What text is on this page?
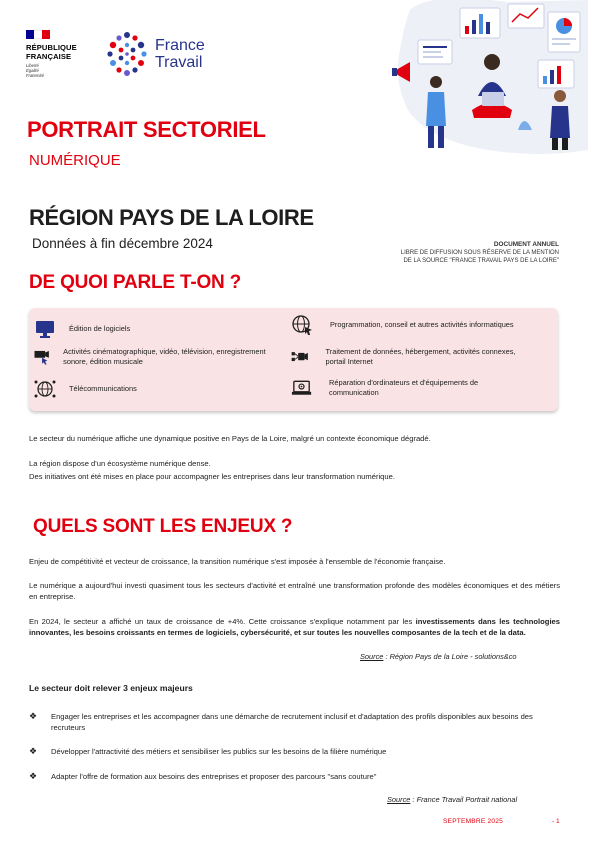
RÉPUBLIQUE
FRANÇAISE
Liberté
Égalité
Fraternité
France
Travail
PORTRAIT SECTORIEL
NUMÉRIQUE
RÉGION PAYS DE LA LOIRE
Données à fin décembre 2024	DOCUMENT ANNUEL
LIBRE DE DIFFUSION SOUS RÉSERVE DE LA MENTION
DE LA SOURCE "FRANCE TRAVAIL PAYS DE LA LOIRE"
DE QUOI PARLE T-ON ?
Édition de logiciels	Programmation, conseil et autres activités informatiques
Activités cinématographique, vidéo, télévision, enregistrement sonore, édition musicale
Traitement de données, hébergement, activités connexes, portail Internet
Télécommunications
Réparation d'ordinateurs et d'équipements de communication
Le secteur du numérique affiche une dynamique positive en Pays de la Loire, malgré un contexte économique dégradé.
La région dispose d'un écosystème numérique dense.
Des initiatives ont été mises en place pour accompagner les entreprises dans leur transformation numérique.
QUELS SONT LES ENJEUX ?
Enjeu de compétitivité et vecteur de croissance, la transition numérique s'est imposée à l'ensemble de l'économie française.
Le numérique a aujourd'hui investi quasiment tous les secteurs d'activité et entraîné une transformation profonde des modèles économiques et des métiers en entreprise.
En 2024, le secteur a affiché un taux de croissance de +4%. Cette croissance s'explique notamment par les investissements dans les technologies innovantes, les besoins croissants en termes de logiciels, cybersécurité, et sur toutes les nouvelles composantes de la tech et de la data.
Source : Région Pays de la Loire - solutions&co
Le secteur doit relever 3 enjeux majeurs
❖	Engager les entreprises et les accompagner dans une démarche de recrutement inclusif et d'adaptation des profils disponibles aux besoins des recruteurs
❖	Développer l'attractivité des métiers et sensibiliser les publics sur les besoins de la filière numérique
❖	Adapter l'offre de formation aux besoins des entreprises et proposer des parcours "sans couture"
Source : France Travail Portrait national
SEPTEMBRE 2025	- 1
